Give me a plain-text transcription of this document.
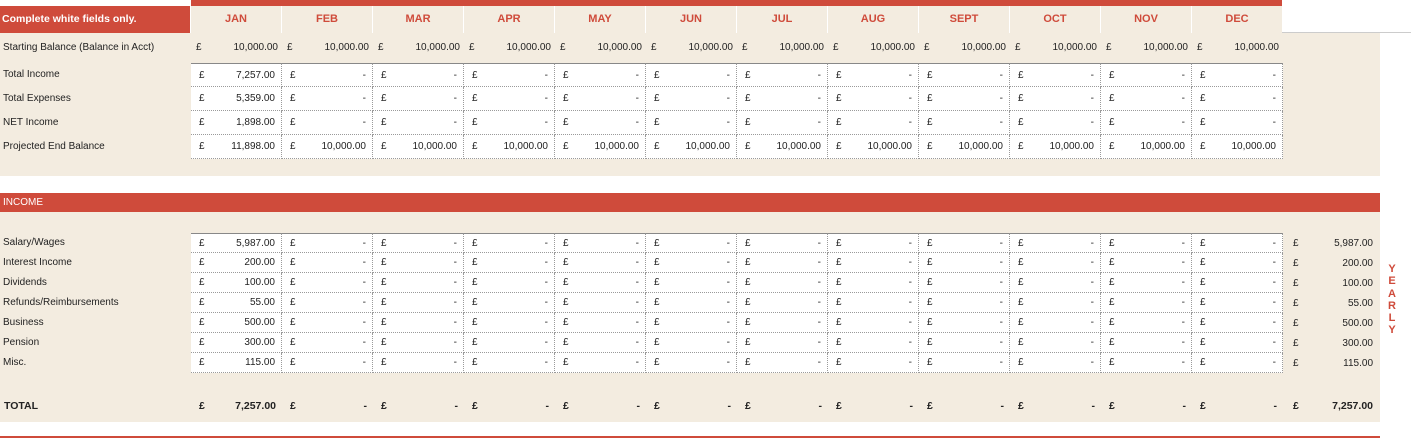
Complete white fields only.	JAN	FEB	MAR	APR	MAY	JUN	JUL	AUG	SEPT	OCT	NOV	DEC
Starting Balance (Balance in Acct)	£	10,000.00 £	10,000.00 £	10,000.00 £	10,000.00 £	10,000.00 £	10,000.00 £	10,000.00 £	10,000.00 £	10,000.00 £	10,000.00 £	10,000.00 £	10,000.00
Total Income	£	7,257.00 £	- £	- £	- £	- £	- £	- £	- £	- £	- £	- £	-
Total Expenses	£	5,359.00 £	- £	- £	- £	- £	- £	- £	- £	- £	- £	- £	-
NET Income	£	1,898.00 £	- £	- £	- £	- £	- £	- £	- £	- £	- £	- £	-
Projected End Balance	£	11,898.00 £	10,000.00 £	10,000.00 £	10,000.00 £	10,000.00 £	10,000.00 £	10,000.00 £	10,000.00 £	10,000.00 £	10,000.00 £	10,000.00 £	10,000.00
INCOME
Salary/Wages	£	5,987.00 £	- £	- £	- £	- £	- £	- £	- £	- £	- £	- £	- £	5,987.00
Interest Income	£	200.00 £	- £	- £	- £	- £	- £	- £	- £	- £	- £	- £	- £	200.00
Dividends	£	100.00 £	- £	- £	- £	- £	- £	- £	- £	- £	- £	- £	- £	100.00
Refunds/Reimbursements	£	55.00 £	- £	- £	- £	- £	- £	- £	- £	- £	- £	- £	- £	55.00
Business	£	500.00 £	- £	- £	- £	- £	- £	- £	- £	- £	- £	- £	- £	500.00
Pension	£	300.00 £	- £	- £	- £	- £	- £	- £	- £	- £	- £	- £	- £	300.00
Misc.	£	115.00 £	- £	- £	- £	- £	- £	- £	- £	- £	- £	- £	- £	115.00
Y
E
A
R
L
Y
TOTAL	£	7,257.00 £	- £	- £	- £	- £	- £	- £	- £	- £	- £	- £	- £	7,257.00
